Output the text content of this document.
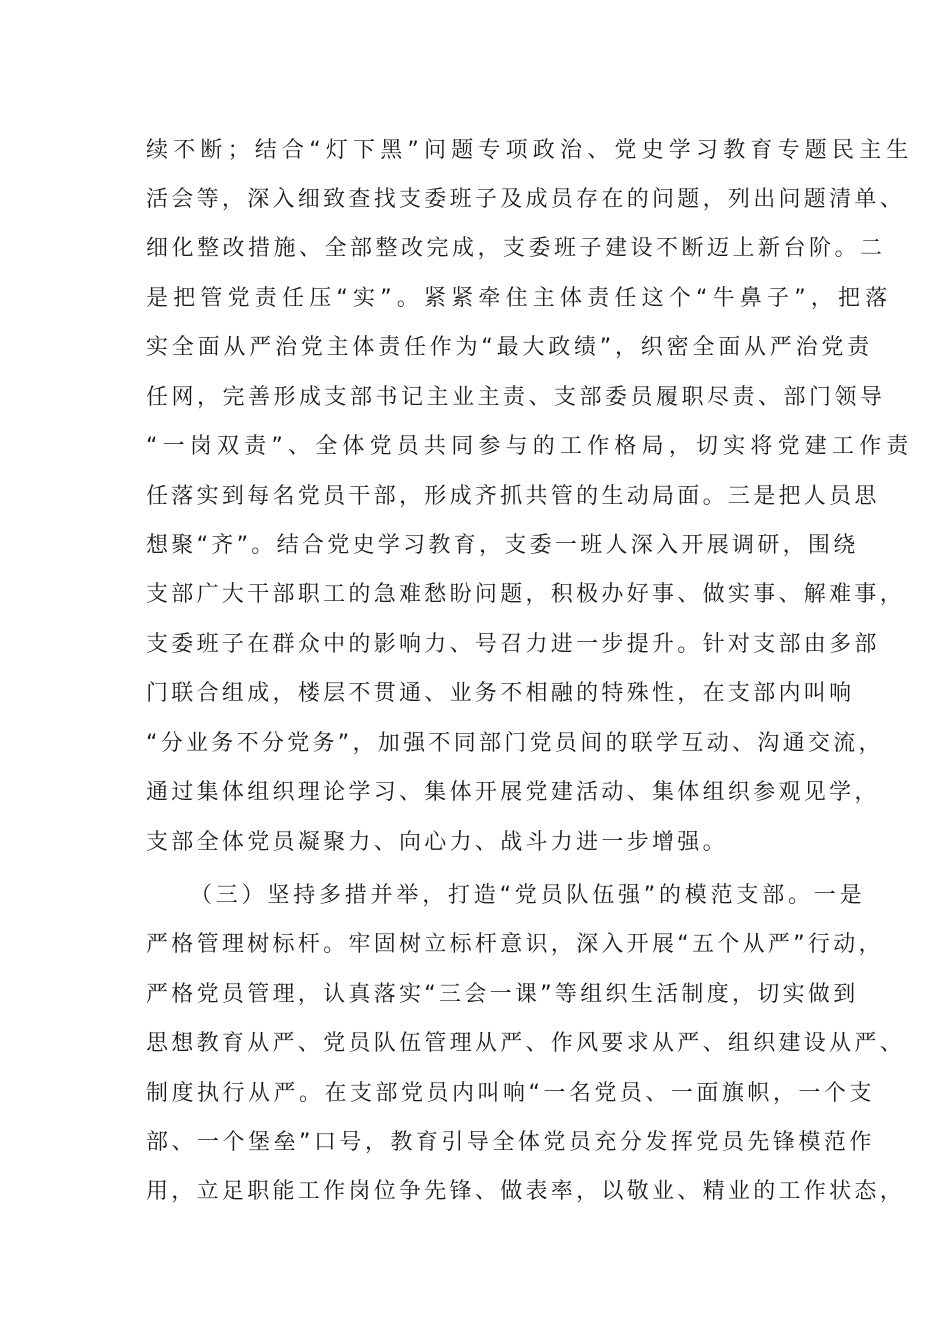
续不断；结合“灯下黑”问题专项政治、党史学习教育专题民主生
活会等，深入细致查找支委班子及成员存在的问题，列出问题清单、
细化整改措施、全部整改完成，支委班子建设不断迈上新台阶。二
是把管党责任压“实”。紧紧牵住主体责任这个“牛鼻子”，把落
实全面从严治党主体责任作为“最大政绩”，织密全面从严治党责
任网，完善形成支部书记主业主责、支部委员履职尽责、部门领导
“一岗双责”、全体党员共同参与的工作格局，切实将党建工作责
任落实到每名党员干部，形成齐抓共管的生动局面。三是把人员思
想聚“齐”。结合党史学习教育，支委一班人深入开展调研，围绕
支部广大干部职工的急难愁盼问题，积极办好事、做实事、解难事，
支委班子在群众中的影响力、号召力进一步提升。针对支部由多部
门联合组成，楼层不贯通、业务不相融的特殊性，在支部内叫响
“分业务不分党务”，加强不同部门党员间的联学互动、沟通交流，
通过集体组织理论学习、集体开展党建活动、集体组织参观见学，
支部全体党员凝聚力、向心力、战斗力进一步增强。
（三）坚持多措并举，打造“党员队伍强”的模范支部。一是
严格管理树标杆。牢固树立标杆意识，深入开展“五个从严”行动，
严格党员管理，认真落实“三会一课”等组织生活制度，切实做到
思想教育从严、党员队伍管理从严、作风要求从严、组织建设从严、
制度执行从严。在支部党员内叫响“一名党员、一面旗帜，一个支
部、一个堡垒”口号，教育引导全体党员充分发挥党员先锋模范作
用，立足职能工作岗位争先锋、做表率，以敬业、精业的工作状态，
